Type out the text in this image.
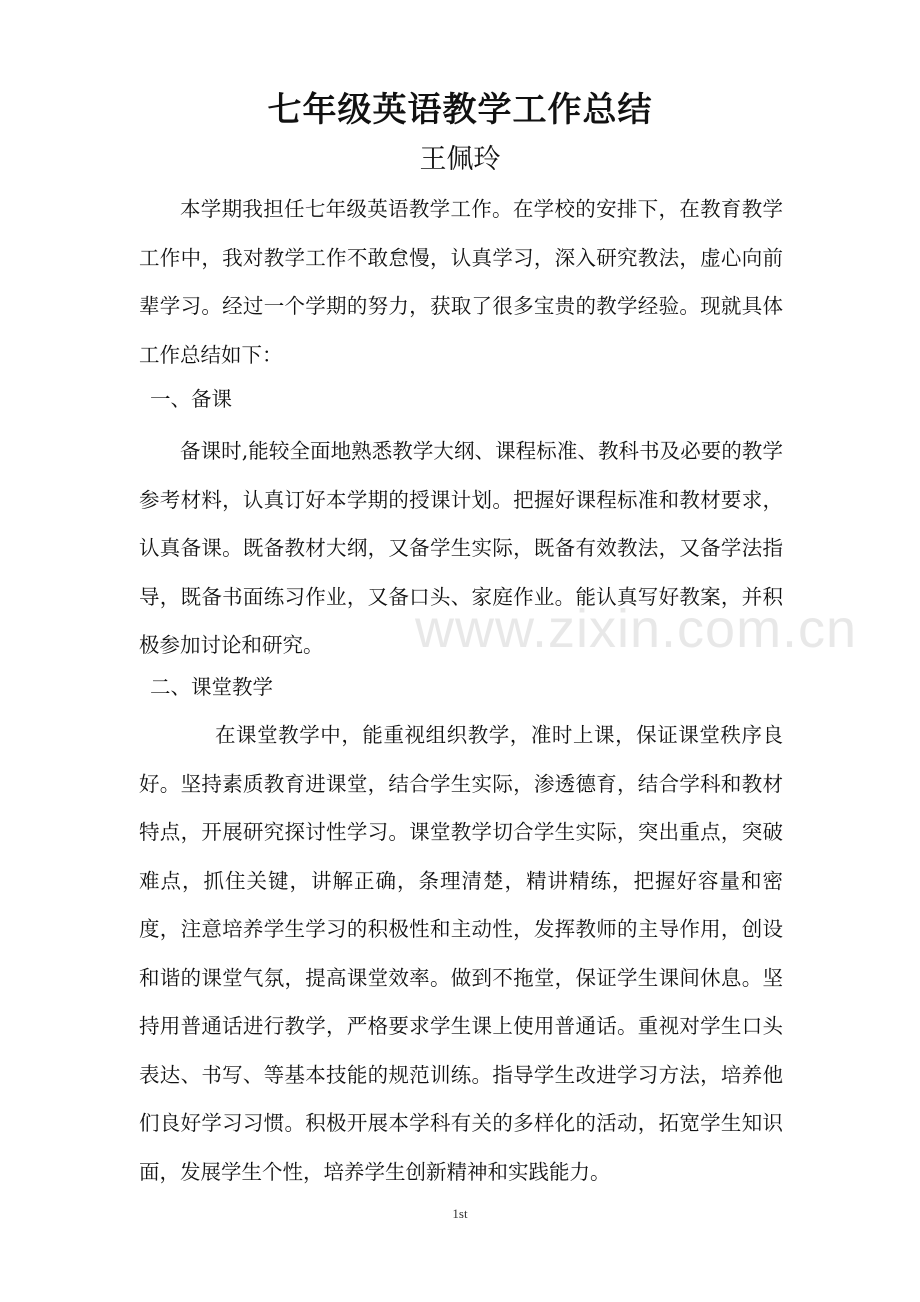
七年级英语教学工作总结
王佩玲
本学期我担任七年级英语教学工作。在学校的安排下，在教育教学工作中，我对教学工作不敢怠慢，认真学习，深入研究教法，虚心向前辈学习。经过一个学期的努力，获取了很多宝贵的教学经验。现就具体工作总结如下：
一、备课
备课时,能较全面地熟悉教学大纲、课程标准、教科书及必要的教学参考材料，认真订好本学期的授课计划。把握好课程标准和教材要求，认真备课。既备教材大纲，又备学生实际，既备有效教法，又备学法指导，既备书面练习作业，又备口头、家庭作业。能认真写好教案，并积极参加讨论和研究。
二、课堂教学
在课堂教学中，能重视组织教学，准时上课，保证课堂秩序良好。坚持素质教育进课堂，结合学生实际，渗透德育，结合学科和教材特点，开展研究探讨性学习。课堂教学切合学生实际，突出重点，突破难点，抓住关键，讲解正确，条理清楚，精讲精练，把握好容量和密度，注意培养学生学习的积极性和主动性，发挥教师的主导作用，创设和谐的课堂气氛，提高课堂效率。做到不拖堂，保证学生课间休息。坚持用普通话进行教学，严格要求学生课上使用普通话。重视对学生口头表达、书写、等基本技能的规范训练。指导学生改进学习方法，培养他们良好学习习惯。积极开展本学科有关的多样化的活动，拓宽学生知识面，发展学生个性，培养学生创新精神和实践能力。
www.zixin.com.cn
1st
